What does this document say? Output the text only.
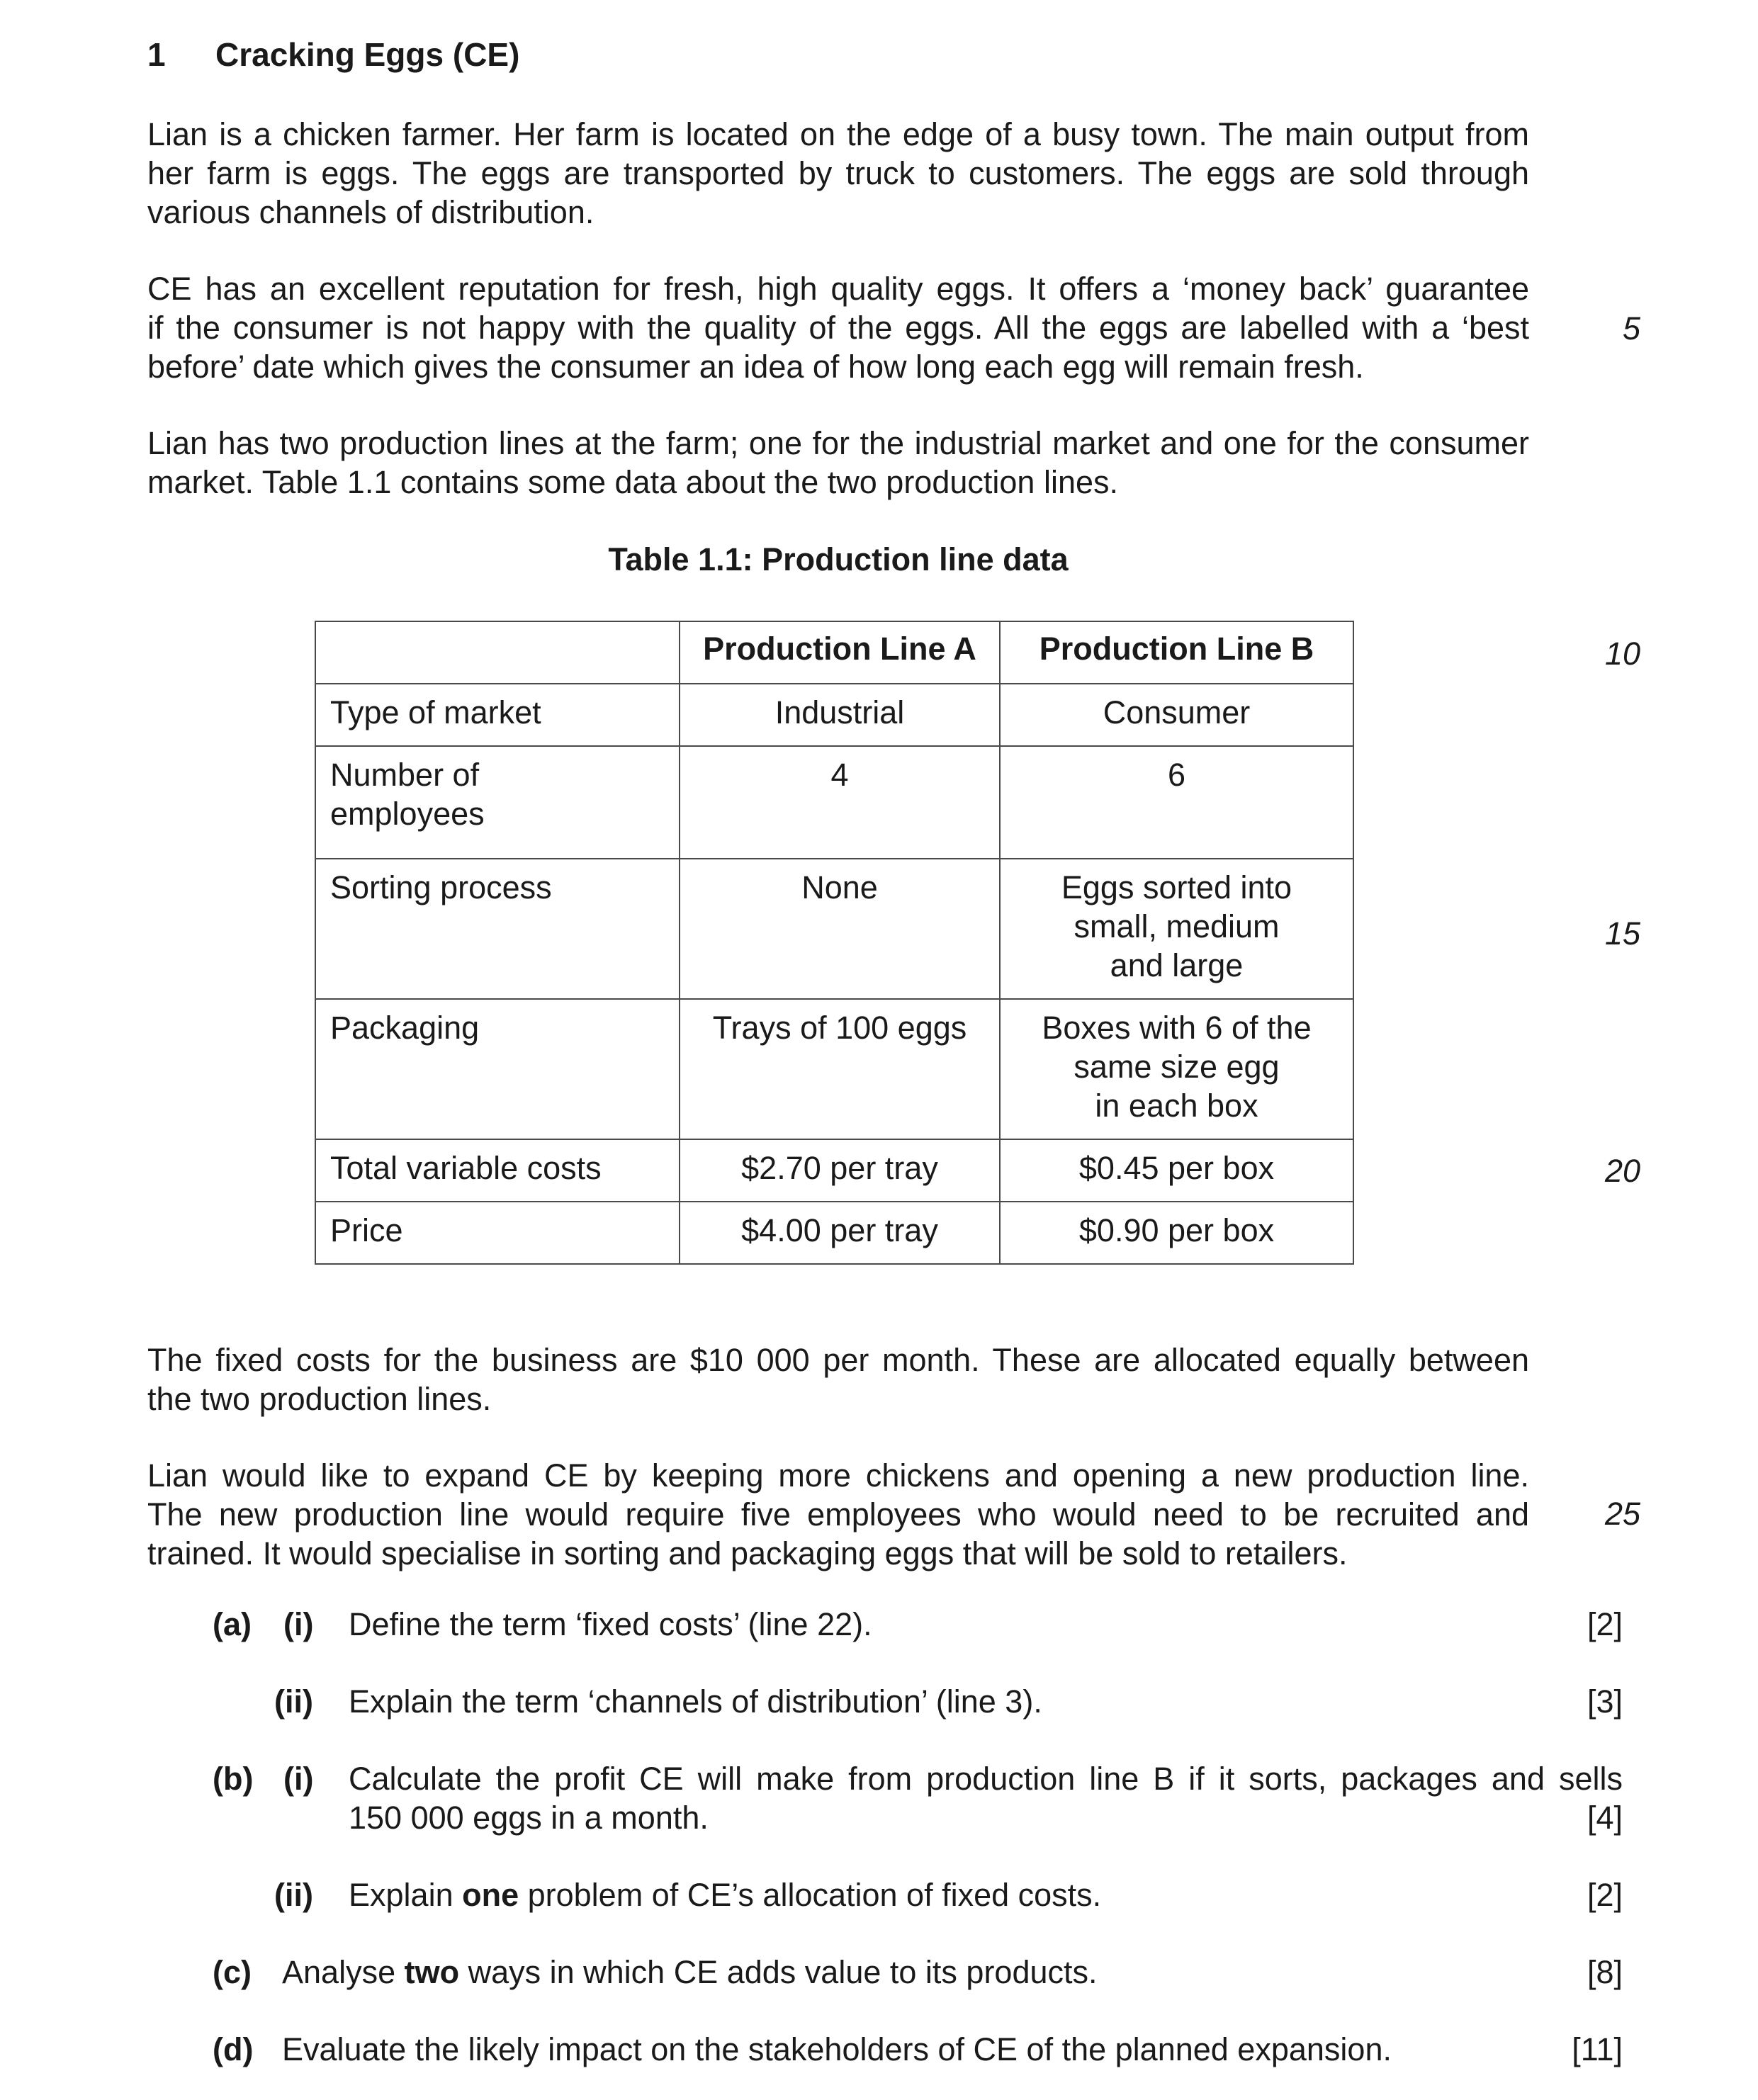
1 Cracking Eggs (CE)
Lian is a chicken farmer. Her farm is located on the edge of a busy town. The main output from
her farm is eggs. The eggs are transported by truck to customers. The eggs are sold through
various channels of distribution.
CE has an excellent reputation for fresh, high quality eggs. It offers a ‘money back’ guarantee
if the consumer is not happy with the quality of the eggs. All the eggs are labelled with a ‘best
before’ date which gives the consumer an idea of how long each egg will remain fresh.
Lian has two production lines at the farm; one for the industrial market and one for the consumer
market. Table 1.1 contains some data about the two production lines.
Table 1.1: Production line data
	Production Line A	Production Line B
Type of market	Industrial	Consumer
Number of
employees	4	6
Sorting process	None	Eggs sorted into
small, medium
and large
Packaging	Trays of 100 eggs	Boxes with 6 of the
same size egg
in each box
Total variable costs	$2.70 per tray	$0.45 per box
Price	$4.00 per tray	$0.90 per box
The fixed costs for the business are $10 000 per month. These are allocated equally between
the two production lines.
Lian would like to expand CE by keeping more chickens and opening a new production line.
The new production line would require five employees who would need to be recruited and
trained. It would specialise in sorting and packaging eggs that will be sold to retailers.
5
10
15
20
25
(a) (i) Define the term ‘fixed costs’ (line 22).	[2]
(ii) Explain the term ‘channels of distribution’ (line 3).	[3]
(b) (i) Calculate the profit CE will make from production line B if it sorts, packages and sells
150 000 eggs in a month.	[4]
(ii) Explain one problem of CE’s allocation of fixed costs.	[2]
(c) Analyse two ways in which CE adds value to its products.	[8]
(d) Evaluate the likely impact on the stakeholders of CE of the planned expansion.	[11]
